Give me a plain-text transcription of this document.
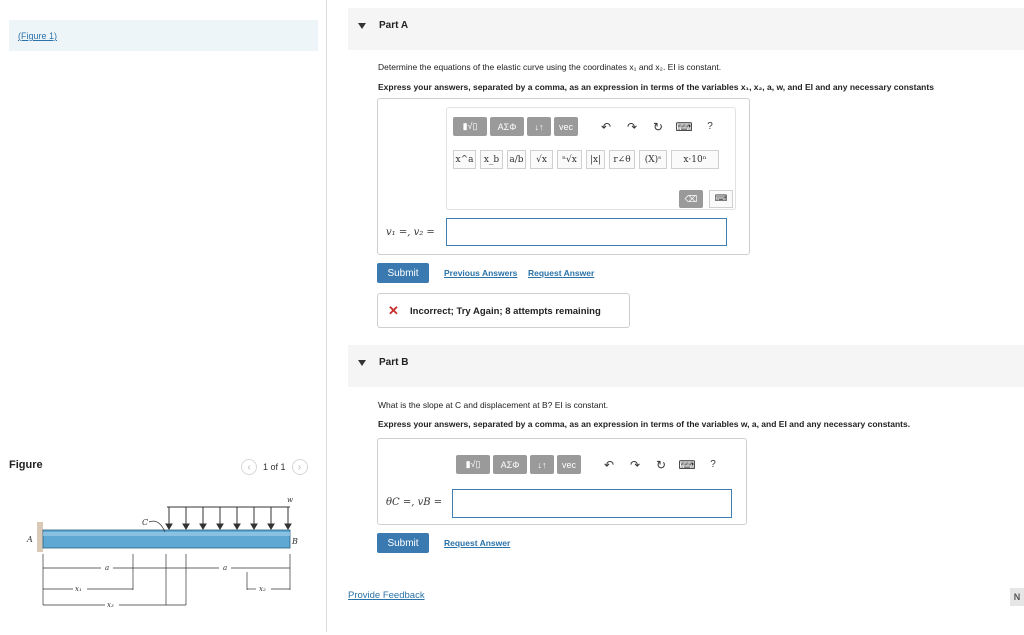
(Figure 1)
Figure	‹	1 of 1	›
w
C
A	B
a	a
x₁
x₃
x₂
Part A
Determine the equations of the elastic curve using the coordinates x₁ and x₂. EI is constant.
Express your answers, separated by a comma, as an expression in terms of the variables x₁, x₂, a, w, and EI and any necessary constants
▮√▯	ΑΣΦ	↓↑	vec	↶	↷	↻	⌨	?
x^a	x_b	a/b	√x	ⁿ√x	|x|	r∠θ	(X)ˢ	x·10ⁿ
⌫	⌨
v₁ =, v₂ =
Submit	Previous Answers Request Answer
✕ Incorrect; Try Again; 8 attempts remaining
Part B
What is the slope at C and displacement at B? EI is constant.
Express your answers, separated by a comma, as an expression in terms of the variables w, a, and EI and any necessary constants.
▮√▯	ΑΣΦ	↓↑	vec	↶	↷	↻	⌨	?
θC =, vB =
Submit	Request Answer
Provide Feedback	N
